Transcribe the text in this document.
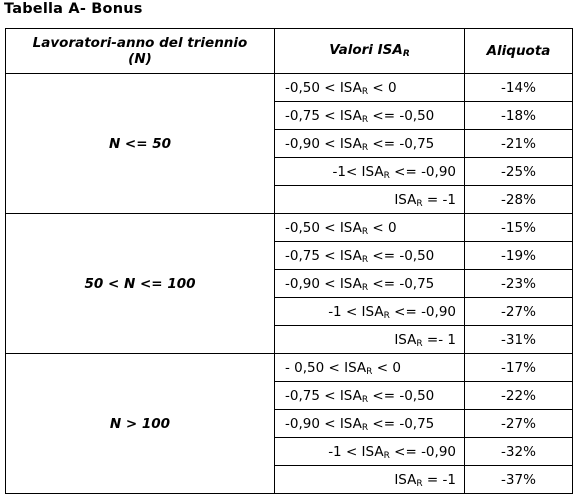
Tabella A- Bonus
Lavoratori-anno del triennio
(N)	Valori $ISA_R$	Aliquota
N <= 50	$-0,50 < ISA_R < 0$	-14%
	$-0,75 < ISA_R <= -0,50$	-18%
	$-0,90 < ISA_R <= -0,75$	-21%
	$-1< ISA_R <= -0,90$	-25%
	$ISA_R = -1$	-28%
50 < N <= 100	$-0,50 < ISA_R < 0$	-15%
	$-0,75 < ISA_R <= -0,50$	-19%
	$-0,90 < ISA_R <= -0,75$	-23%
	$-1 < ISA_R <= -0,90$	-27%
	$ISA_R =- 1$	-31%
N > 100	- $0,50 < ISA_R < 0$	-17%
	$-0,75 < ISA_R <= -0,50$	-22%
	$-0,90 < ISA_R <= -0,75$	-27%
	$-1 < ISA_R <= -0,90$	-32%
	$ISA_R = -1$	-37%
